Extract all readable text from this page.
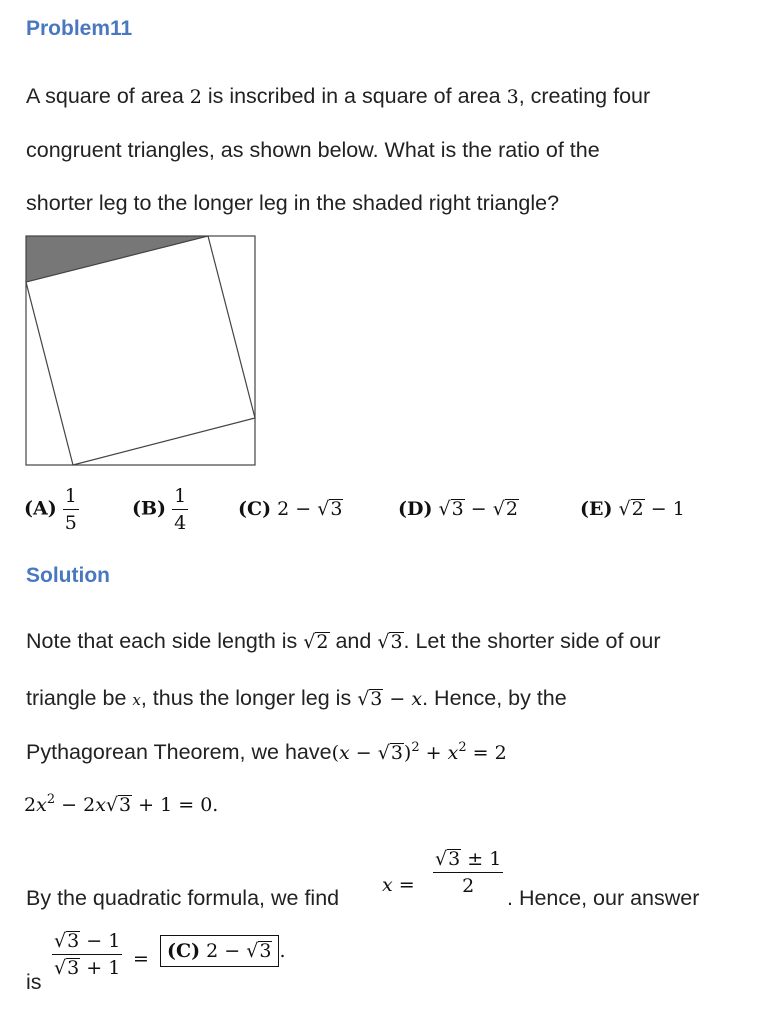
Problem11
A square of area 2 is inscribed in a square of area 3, creating four
congruent triangles, as shown below. What is the ratio of the
shorter leg to the longer leg in the shaded right triangle?
$(A) \frac{1}{5}$	$(B) \frac{1}{4}$	(C) 2 − √3	(D) √3 − √2	(E) √2 − 1
Solution
Note that each side length is √2 and √3. Let the shorter side of our
triangle be x, thus the longer leg is √3 − x. Hence, by the
Pythagorean Theorem, we have(x − $√3)^2 + x^2 = 2$
$2x^2 - 2x√3 + 1 = 0$.
By the quadratic formula, we find
$x = \frac{√3 \pm 1}{2}$
. Hence, our answer
is
$\frac{√3 - 1}{√3 + 1} = (C) 2 - √3$ .
